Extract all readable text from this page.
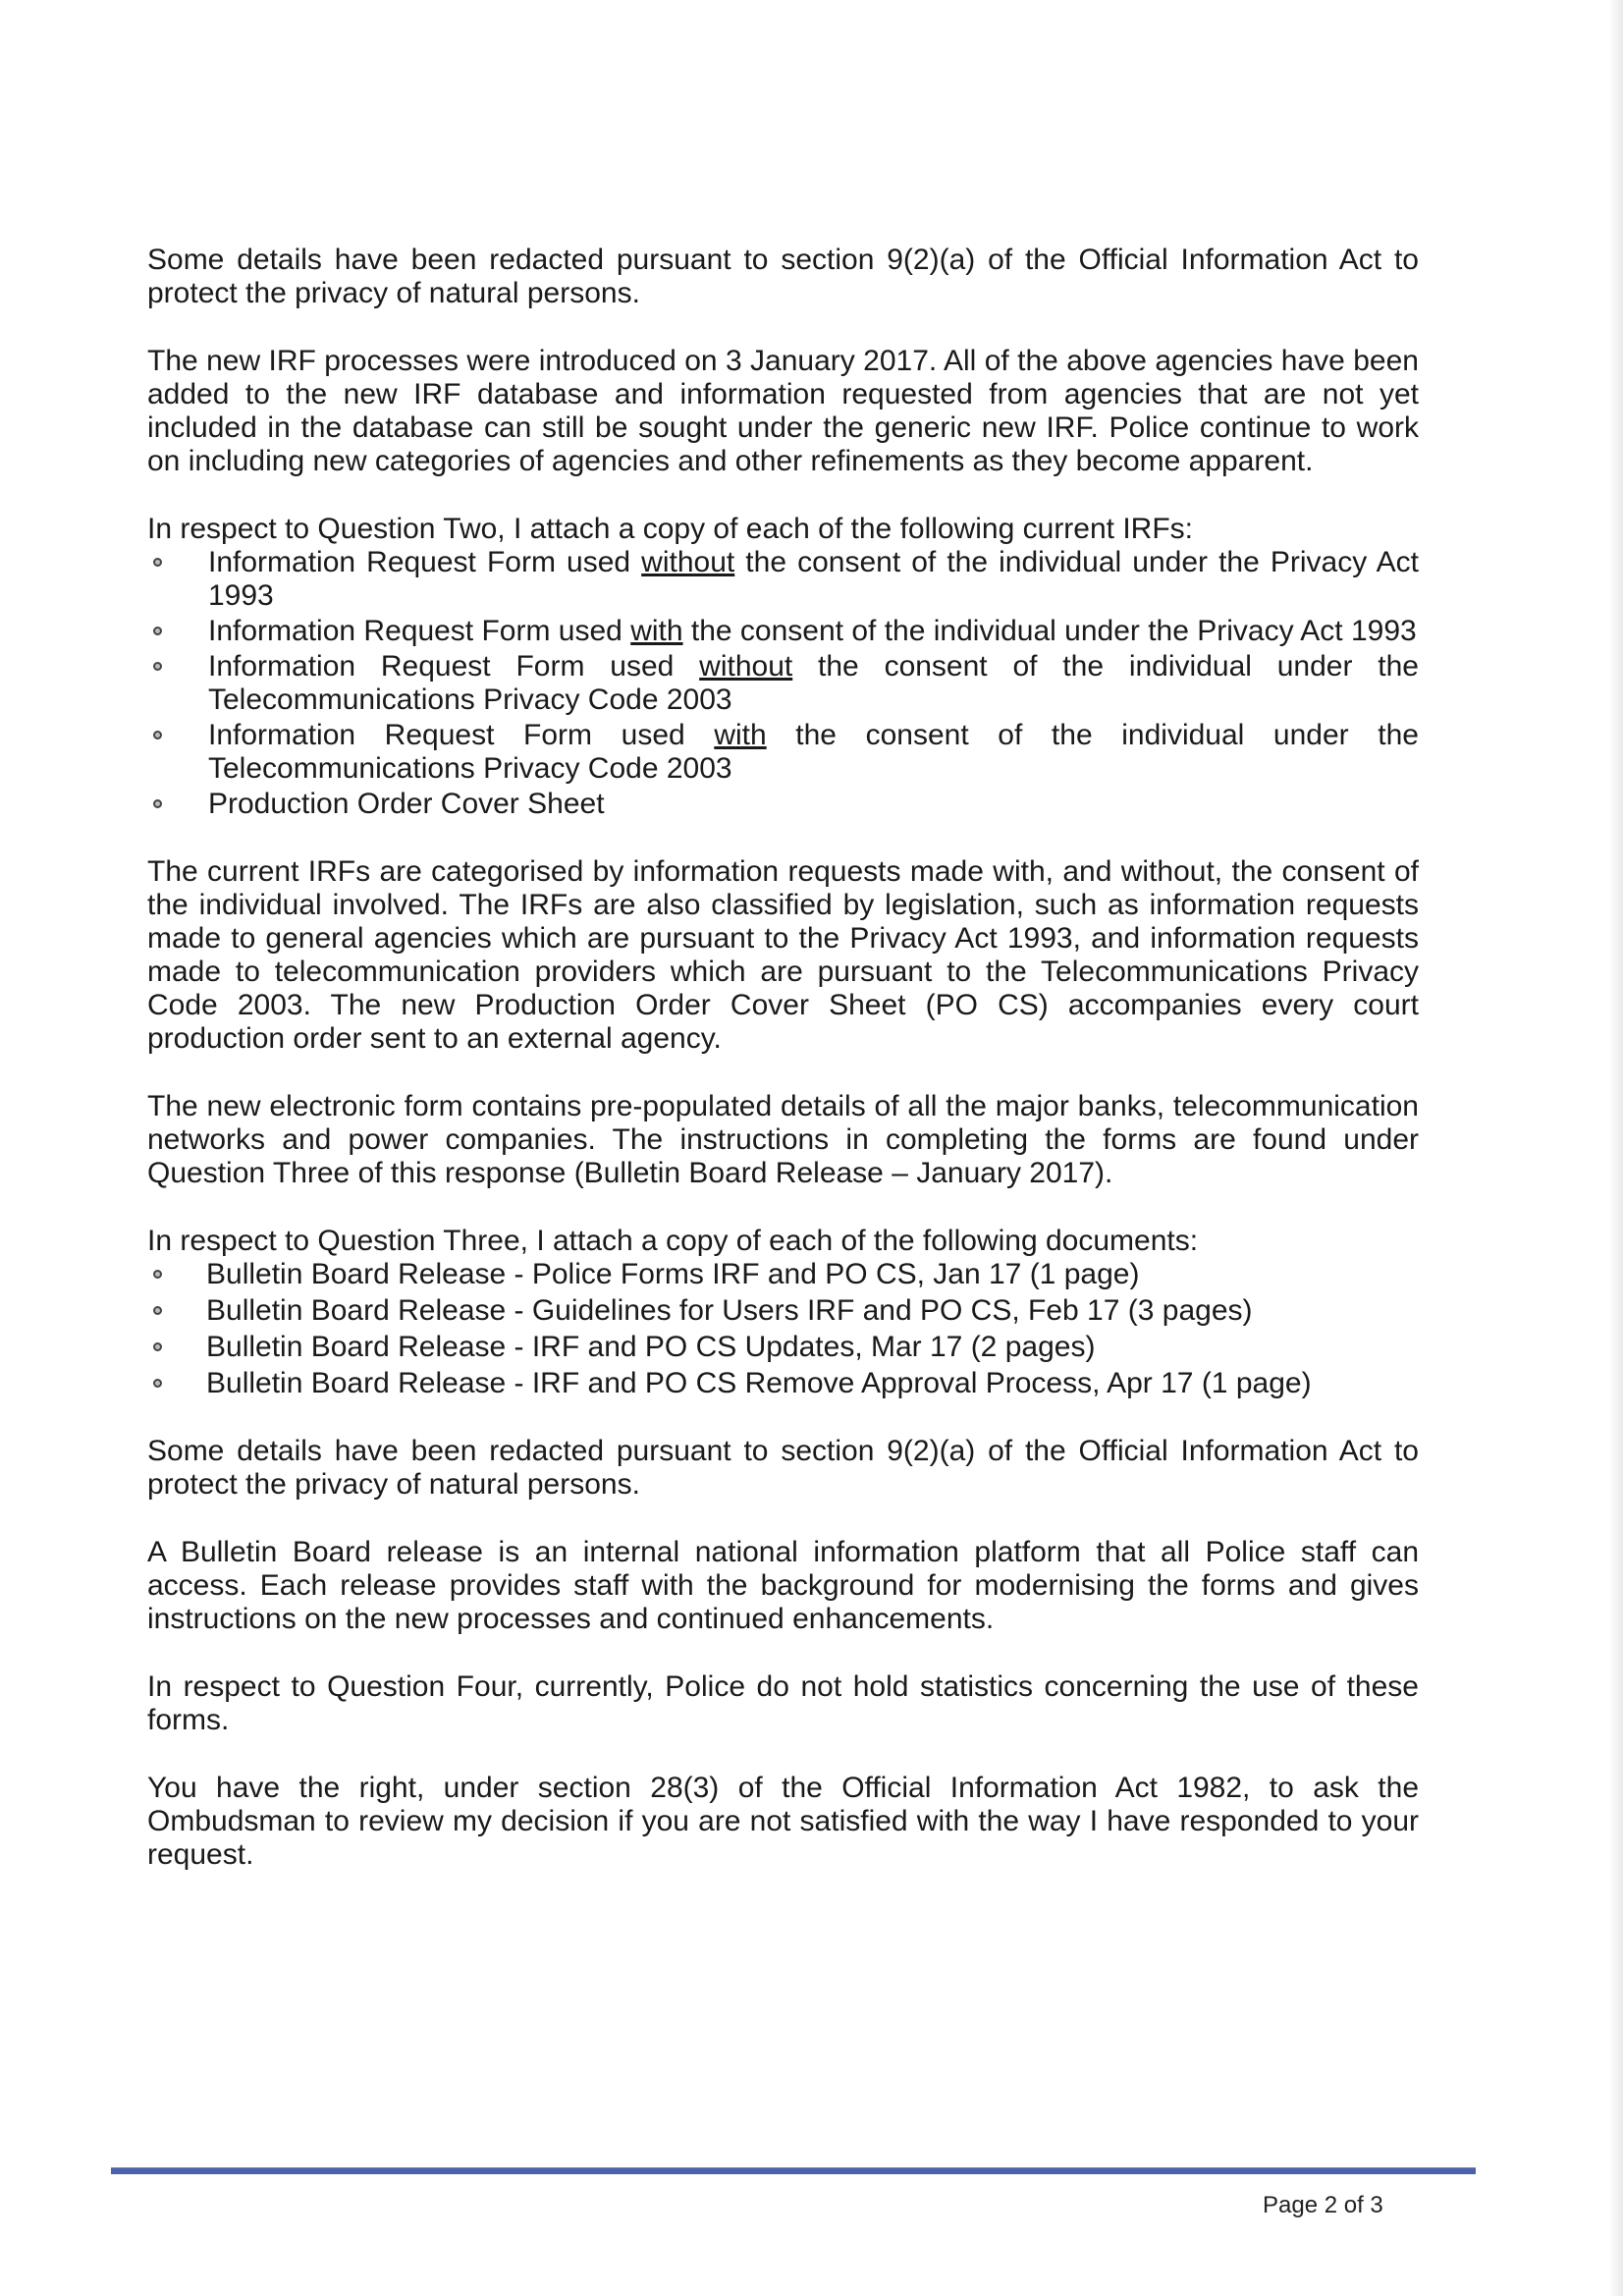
Some details have been redacted pursuant to section 9(2)(a) of the Official Information Act to protect the privacy of natural persons.

The new IRF processes were introduced on 3 January 2017. All of the above agencies have been added to the new IRF database and information requested from agencies that are not yet included in the database can still be sought under the generic new IRF. Police continue to work on including new categories of agencies and other refinements as they become apparent.

In respect to Question Two, I attach a copy of each of the following current IRFs:

Information Request Form used without the consent of the individual under the Privacy Act 1993
Information Request Form used with the consent of the individual under the Privacy Act 1993
Information Request Form used without the consent of the individual under the Telecommunications Privacy Code 2003
Information Request Form used with the consent of the individual under the Telecommunications Privacy Code 2003
Production Order Cover Sheet

The current IRFs are categorised by information requests made with, and without, the consent of the individual involved. The IRFs are also classified by legislation, such as information requests made to general agencies which are pursuant to the Privacy Act 1993, and information requests made to telecommunication providers which are pursuant to the Telecommunications Privacy Code 2003. The new Production Order Cover Sheet (PO CS) accompanies every court production order sent to an external agency.

The new electronic form contains pre-populated details of all the major banks, telecommunication networks and power companies. The instructions in completing the forms are found under Question Three of this response (Bulletin Board Release – January 2017).

In respect to Question Three, I attach a copy of each of the following documents:

Bulletin Board Release - Police Forms IRF and PO CS, Jan 17 (1 page)
Bulletin Board Release - Guidelines for Users IRF and PO CS, Feb 17 (3 pages)
Bulletin Board Release - IRF and PO CS Updates, Mar 17 (2 pages)
Bulletin Board Release - IRF and PO CS Remove Approval Process, Apr 17 (1 page)

Some details have been redacted pursuant to section 9(2)(a) of the Official Information Act to protect the privacy of natural persons.

A Bulletin Board release is an internal national information platform that all Police staff can access. Each release provides staff with the background for modernising the forms and gives instructions on the new processes and continued enhancements.

In respect to Question Four, currently, Police do not hold statistics concerning the use of these forms.

You have the right, under section 28(3) of the Official Information Act 1982, to ask the Ombudsman to review my decision if you are not satisfied with the way I have responded to your request.

Page 2 of 3
